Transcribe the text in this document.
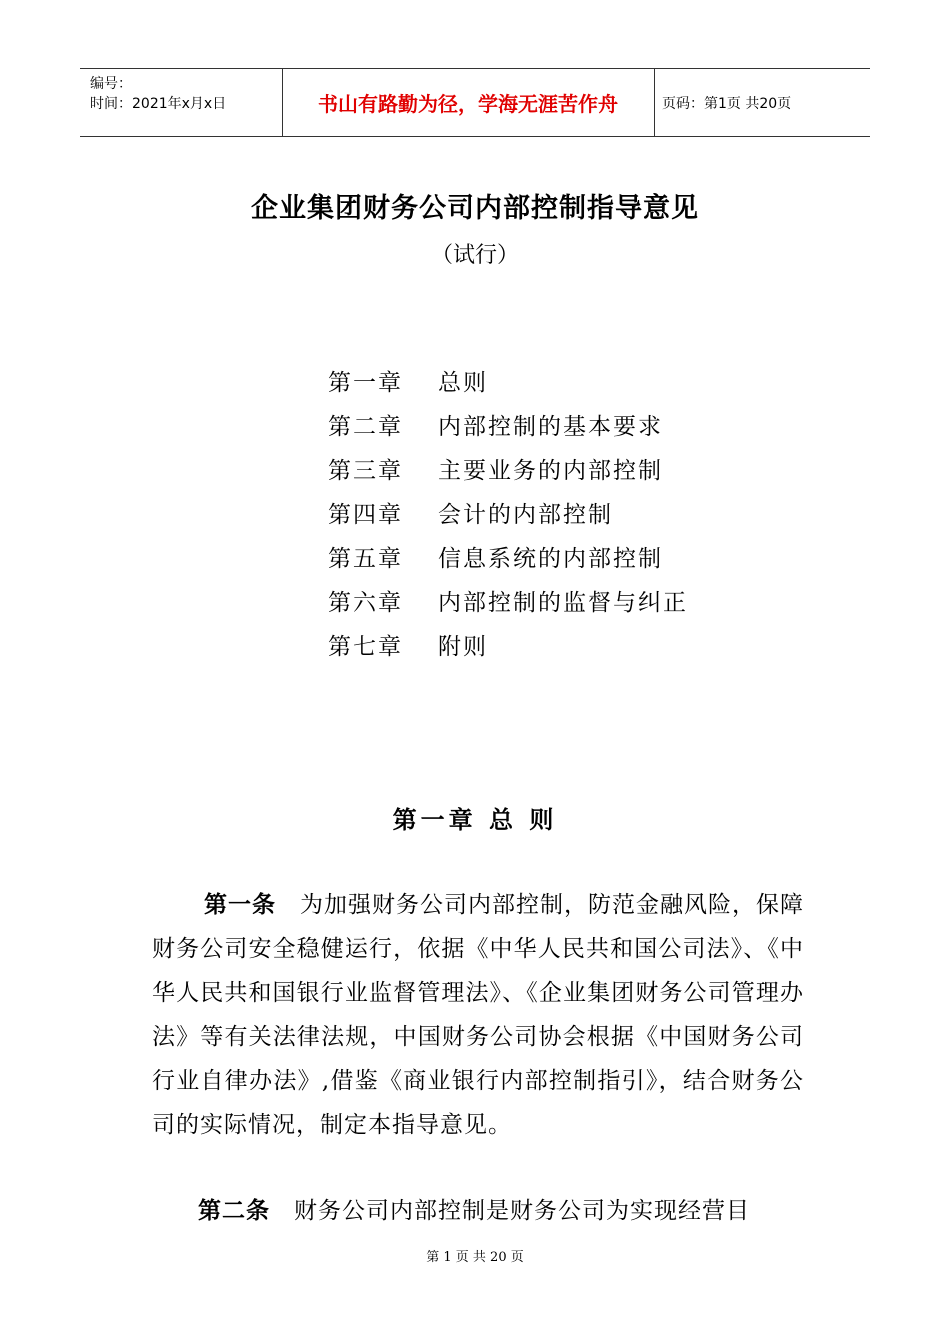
编号：
时间：2021年x月x日	书山有路勤为径，学海无涯苦作舟	页码：第1页 共20页
企业集团财务公司内部控制指导意见
（试行）
第一章	总则
第二章	内部控制的基本要求
第三章	主要业务的内部控制
第四章	会计的内部控制
第五章	信息系统的内部控制
第六章	内部控制的监督与纠正
第七章	附则
第一章 总 则
第一条 为加强财务公司内部控制，防范金融风险，保障财务公司安全稳健运行，依据《中华人民共和国公司法》、《中华人民共和国银行业监督管理法》、《企业集团财务公司管理办法》等有关法律法规，中国财务公司协会根据《中国财务公司行业自律办法》,借鉴《商业银行内部控制指引》，结合财务公司的实际情况，制定本指导意见。
第二条 财务公司内部控制是财务公司为实现经营目
第 1 页 共 20 页
